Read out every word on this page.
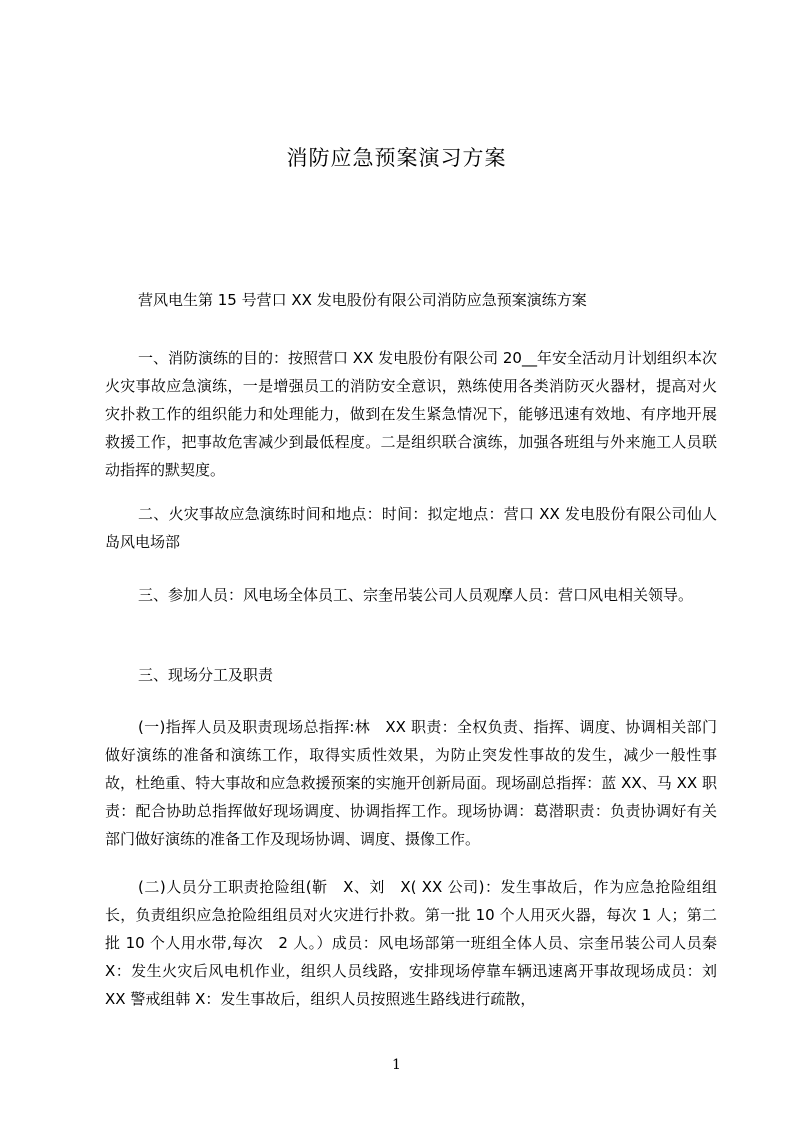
消防应急预案演习方案
营风电生第 15 号营口 XX 发电股份有限公司消防应急预案演练方案

一、消防演练的目的：按照营口 XX 发电股份有限公司 20__年安全活动月计划组织本次火灾事故应急演练，一是增强员工的消防安全意识，熟练使用各类消防灭火器材，提高对火灾扑救工作的组织能力和处理能力，做到在发生紧急情况下，能够迅速有效地、有序地开展救援工作，把事故危害减少到最低程度。二是组织联合演练，加强各班组与外来施工人员联动指挥的默契度。

二、火灾事故应急演练时间和地点：时间：拟定地点：营口 XX 发电股份有限公司仙人岛风电场部

三、参加人员：风电场全体员工、宗奎吊装公司人员观摩人员：营口风电相关领导。

三、现场分工及职责

(一)指挥人员及职责现场总指挥:林　XX 职责：全权负责、指挥、调度、协调相关部门做好演练的准备和演练工作，取得实质性效果，为防止突发性事故的发生，减少一般性事故，杜绝重、特大事故和应急救援预案的实施开创新局面。现场副总指挥：蓝 XX、马 XX 职责：配合协助总指挥做好现场调度、协调指挥工作。现场协调：葛潜职责：负责协调好有关部门做好演练的准备工作及现场协调、调度、摄像工作。

(二)人员分工职责抢险组(靳　X、刘　X( XX 公司)：发生事故后，作为应急抢险组组长，负责组织应急抢险组组员对火灾进行扑救。第一批 10 个人用灭火器，每次 1 人；第二批 10 个人用水带,每次　2 人。）成员：风电场部第一班组全体人员、宗奎吊装公司人员秦 X：发生火灾后风电机作业，组织人员线路，安排现场停靠车辆迅速离开事故现场成员：刘 XX 警戒组韩 X：发生事故后，组织人员按照逃生路线进行疏散，

1
